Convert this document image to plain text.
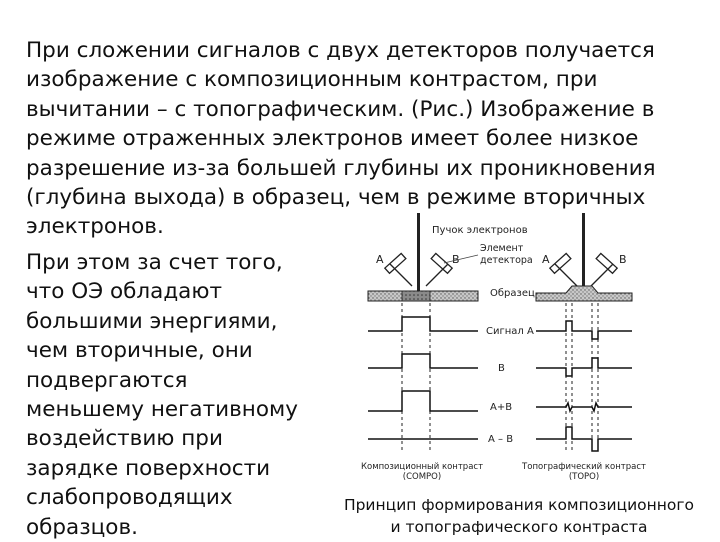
При сложении сигналов с двух детекторов получается
изображение с композиционным контрастом, при
вычитании – с топографическим. (Рис.) Изображение в
режиме отраженных электронов имеет более низкое
разрешение из-за большей глубины их проникновения
(глубина выхода) в образец, чем в режиме вторичных
электронов.
При этом за счет того,
что ОЭ обладают
большими энергиями,
чем вторичные, они
подвергаются
меньшему негативному
воздействию при
зарядке поверхности
слабопроводящих
образцов.
Пучок электронов
A	B	A	B
Элемент
детектора
Образец
Сигнал А
B
A+B
A – B
Композиционный контраст
(COMPO)
Топографический контраст
(TOPO)
Принцип формирования композиционного
и топографического контраста
